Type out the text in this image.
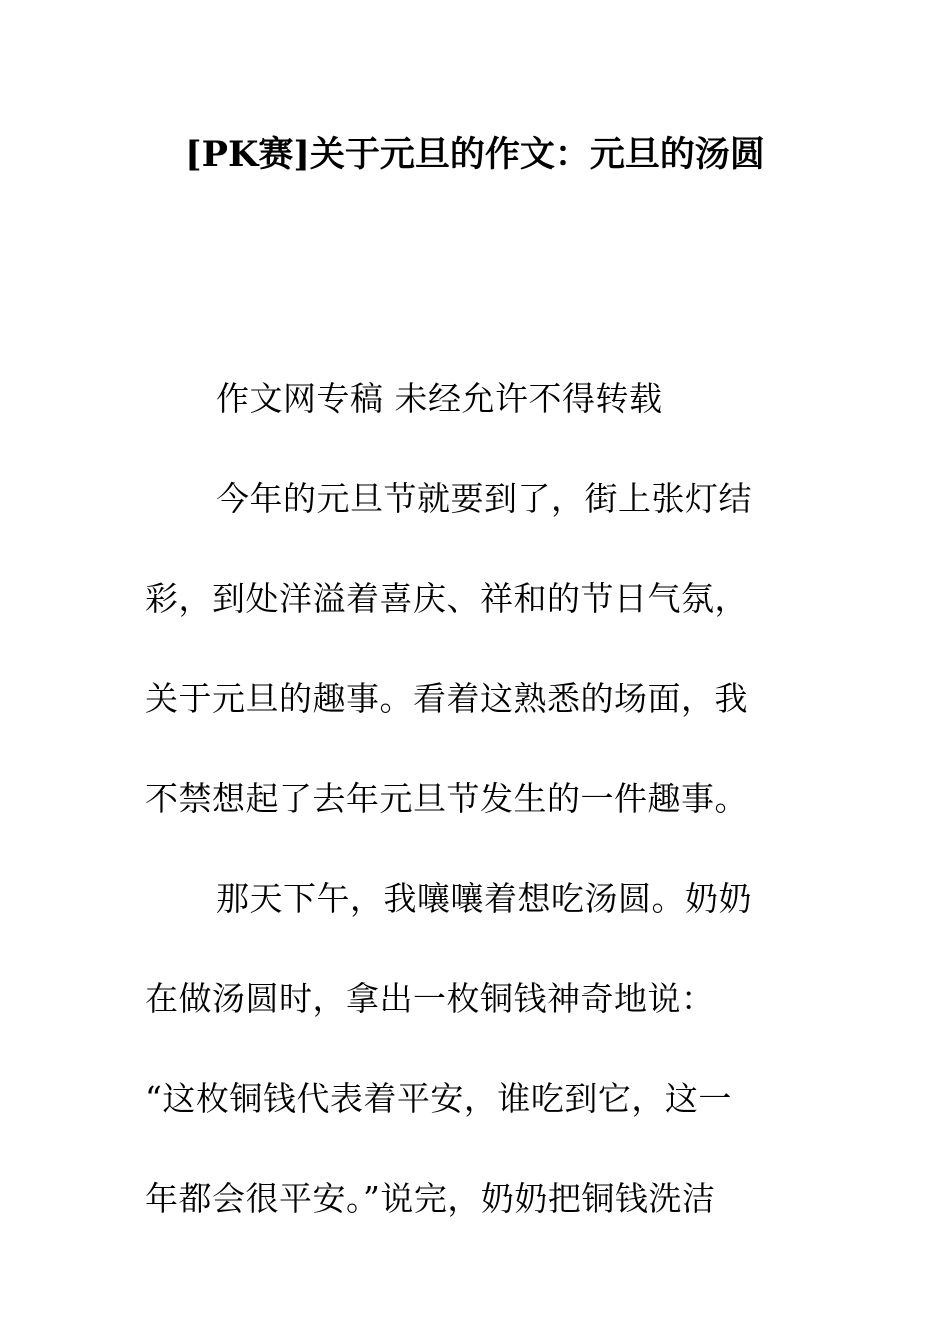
[PK赛]关于元旦的作文：元旦的汤圆
作文网专稿 未经允许不得转载
今年的元旦节就要到了，街上张灯结
彩，到处洋溢着喜庆、祥和的节日气氛，
关于元旦的趣事。看着这熟悉的场面，我
不禁想起了去年元旦节发生的一件趣事。
那天下午，我嚷嚷着想吃汤圆。奶奶
在做汤圆时，拿出一枚铜钱神奇地说：
“这枚铜钱代表着平安，谁吃到它，这一
年都会很平安。”说完，奶奶把铜钱洗洁
